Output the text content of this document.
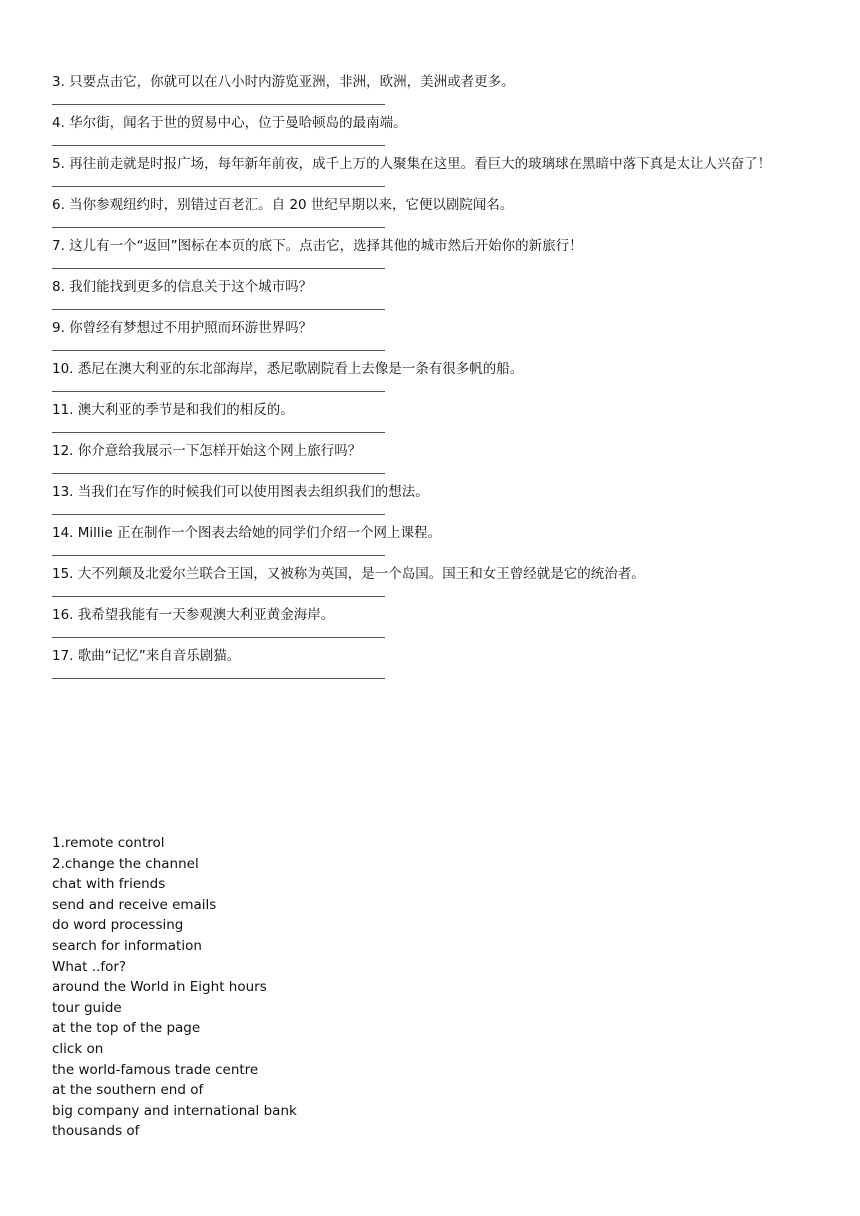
3. 只要点击它，你就可以在八小时内游览亚洲，非洲，欧洲，美洲或者更多。

4. 华尔街，闻名于世的贸易中心，位于曼哈顿岛的最南端。

5. 再往前走就是时报广场，每年新年前夜，成千上万的人聚集在这里。看巨大的玻璃球在黑暗中落下真是太让人兴奋了！

6. 当你参观纽约时，别错过百老汇。自 20 世纪早期以来，它便以剧院闻名。

7. 这儿有一个“返回”图标在本页的底下。点击它，选择其他的城市然后开始你的新旅行！

8. 我们能找到更多的信息关于这个城市吗？

9. 你曾经有梦想过不用护照而环游世界吗？

10. 悉尼在澳大利亚的东北部海岸，悉尼歌剧院看上去像是一条有很多帆的船。

11. 澳大利亚的季节是和我们的相反的。

12. 你介意给我展示一下怎样开始这个网上旅行吗？

13. 当我们在写作的时候我们可以使用图表去组织我们的想法。

14. Millie 正在制作一个图表去给她的同学们介绍一个网上课程。

15. 大不列颠及北爱尔兰联合王国，又被称为英国，是一个岛国。国王和女王曾经就是它的统治者。

16. 我希望我能有一天参观澳大利亚黄金海岸。

17. 歌曲“记忆”来自音乐剧猫。

1.remote control
2.change the channel
chat with friends
send and receive emails
do word processing
search for information
What ..for?
around the World in Eight hours
tour guide
at the top of the page
click on
the world-famous trade centre
at the southern end of
big company and international bank
thousands of
